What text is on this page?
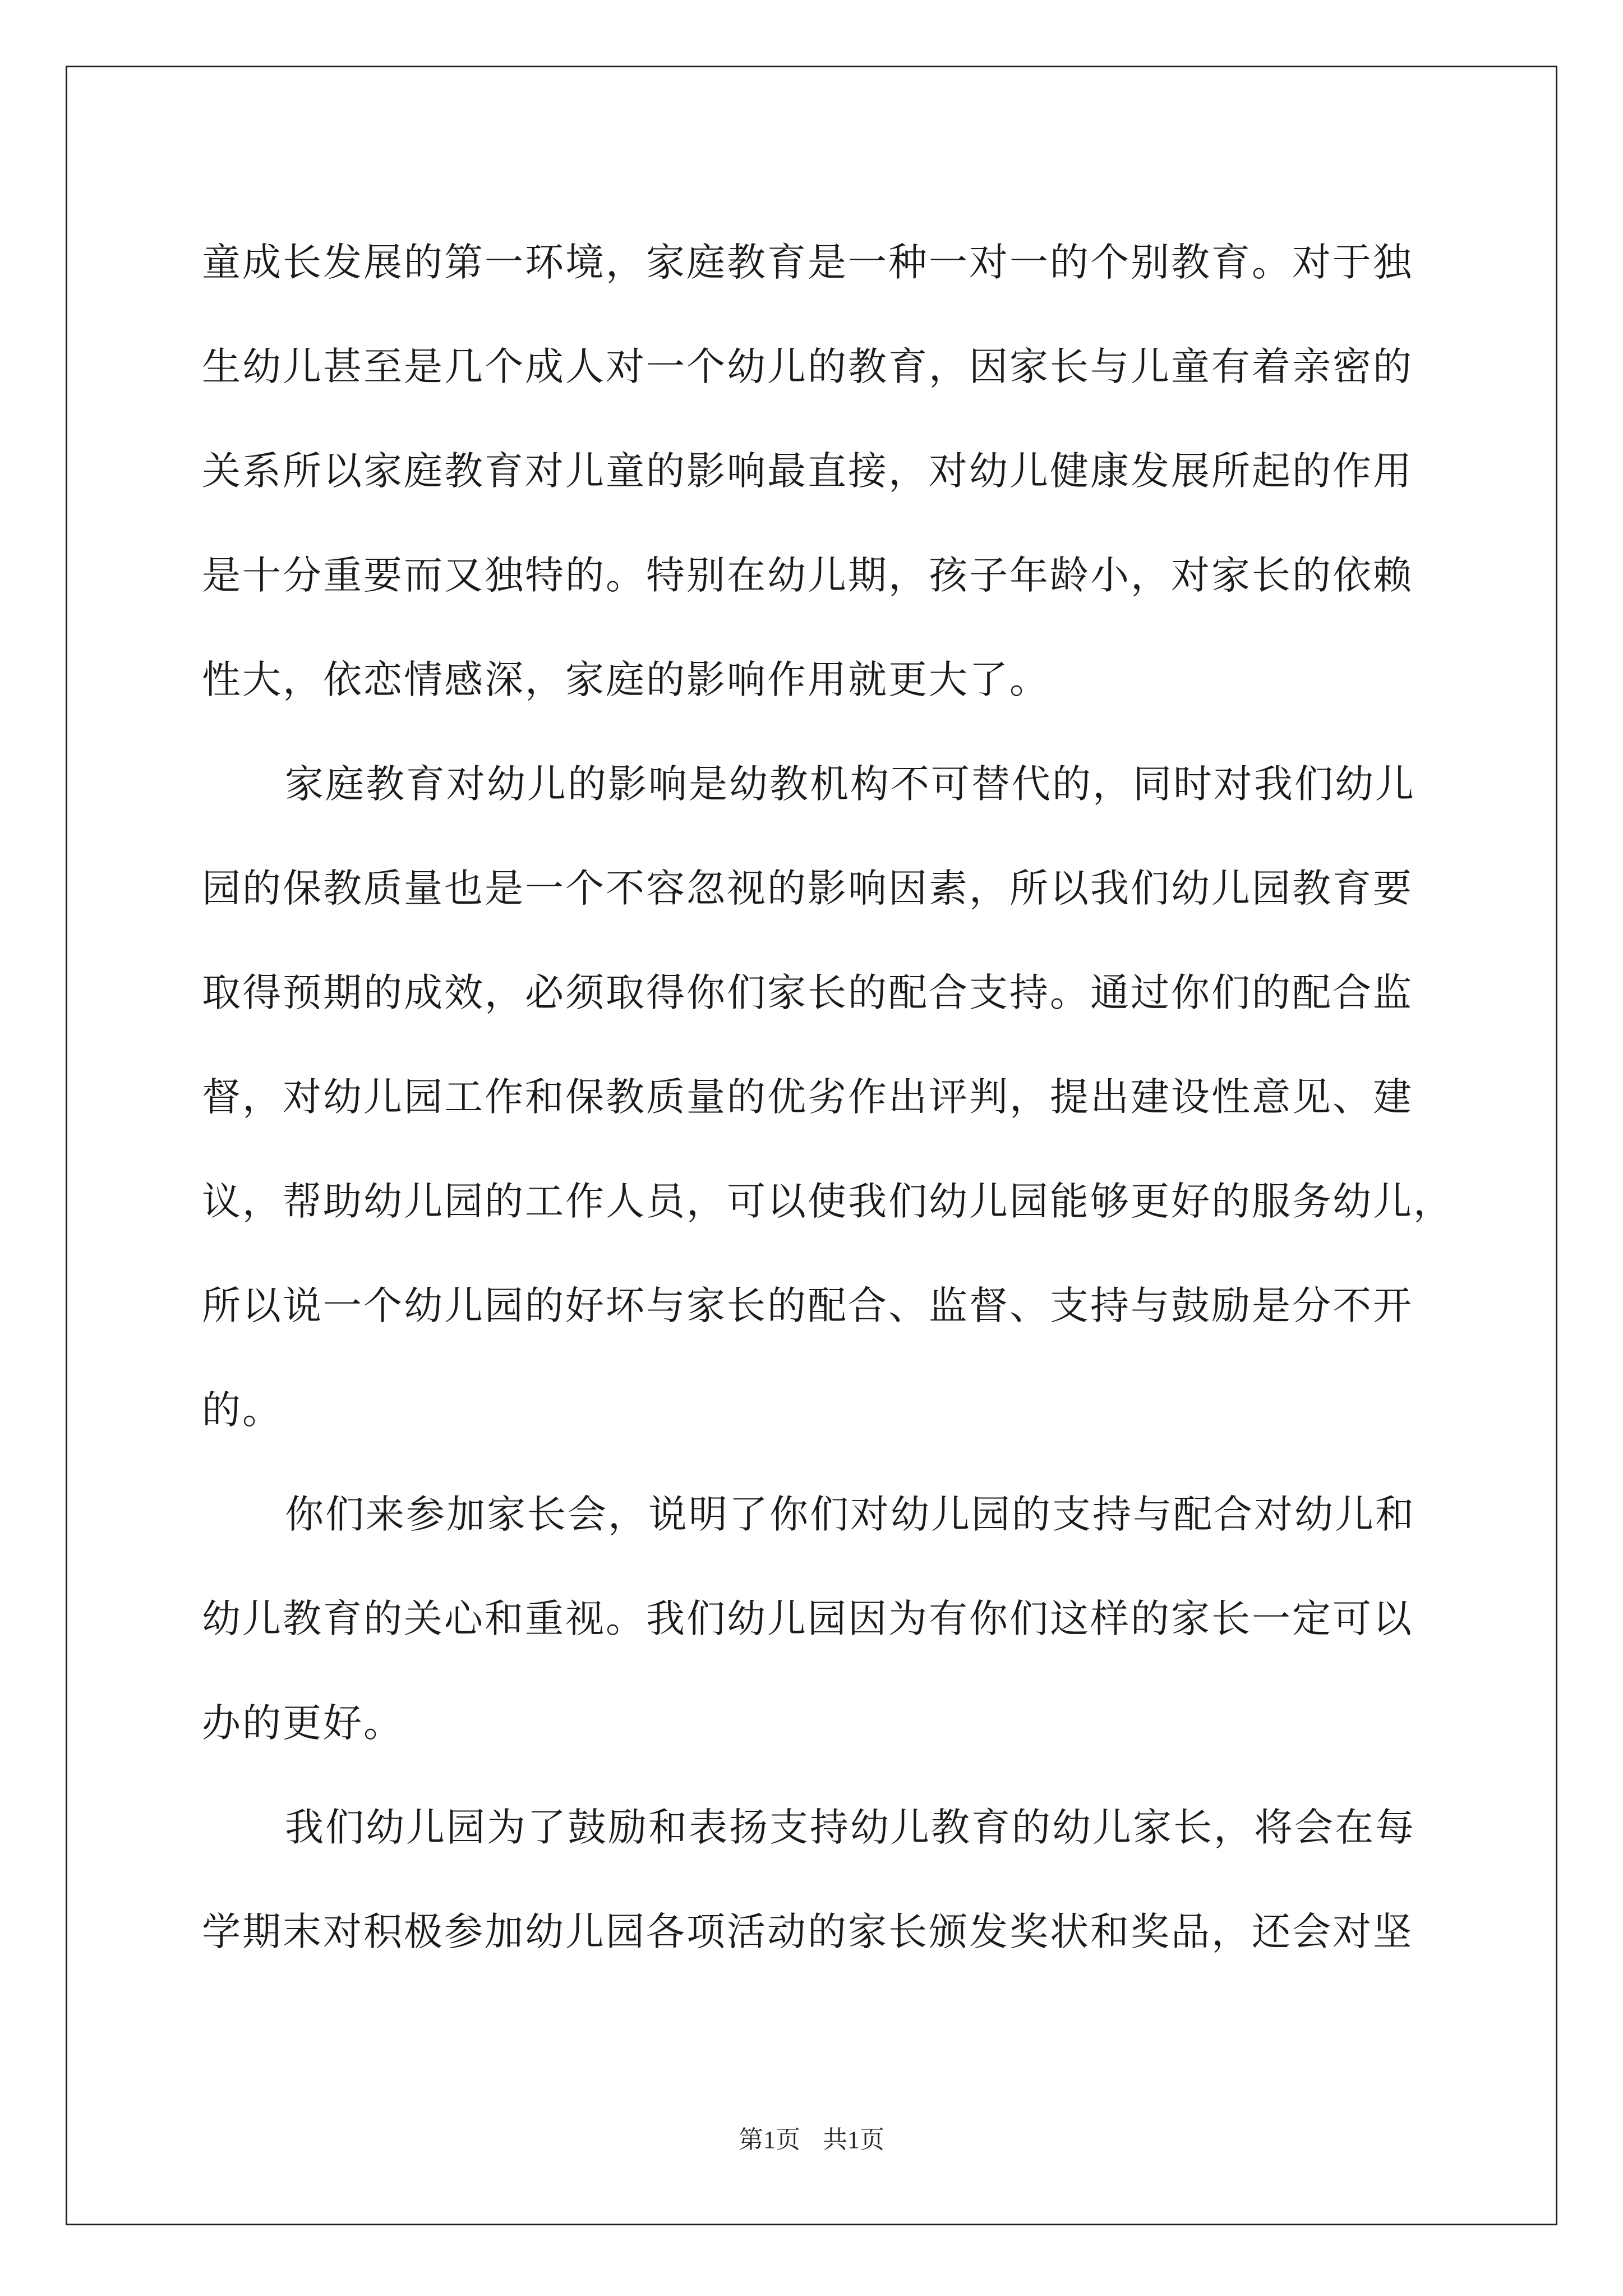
童成长发展的第一环境，家庭教育是一种一对一的个别教育。对于独
生幼儿甚至是几个成人对一个幼儿的教育，因家长与儿童有着亲密的
关系所以家庭教育对儿童的影响最直接，对幼儿健康发展所起的作用
是十分重要而又独特的。特别在幼儿期，孩子年龄小，对家长的依赖
性大，依恋情感深，家庭的影响作用就更大了。
家庭教育对幼儿的影响是幼教机构不可替代的，同时对我们幼儿
园的保教质量也是一个不容忽视的影响因素，所以我们幼儿园教育要
取得预期的成效，必须取得你们家长的配合支持。通过你们的配合监
督，对幼儿园工作和保教质量的优劣作出评判，提出建设性意见、建
议，帮助幼儿园的工作人员，可以使我们幼儿园能够更好的服务幼儿，
所以说一个幼儿园的好坏与家长的配合、监督、支持与鼓励是分不开
的。
你们来参加家长会，说明了你们对幼儿园的支持与配合对幼儿和
幼儿教育的关心和重视。我们幼儿园因为有你们这样的家长一定可以
办的更好。
我们幼儿园为了鼓励和表扬支持幼儿教育的幼儿家长，将会在每
学期末对积极参加幼儿园各项活动的家长颁发奖状和奖品，还会对坚
第1页 共1页
